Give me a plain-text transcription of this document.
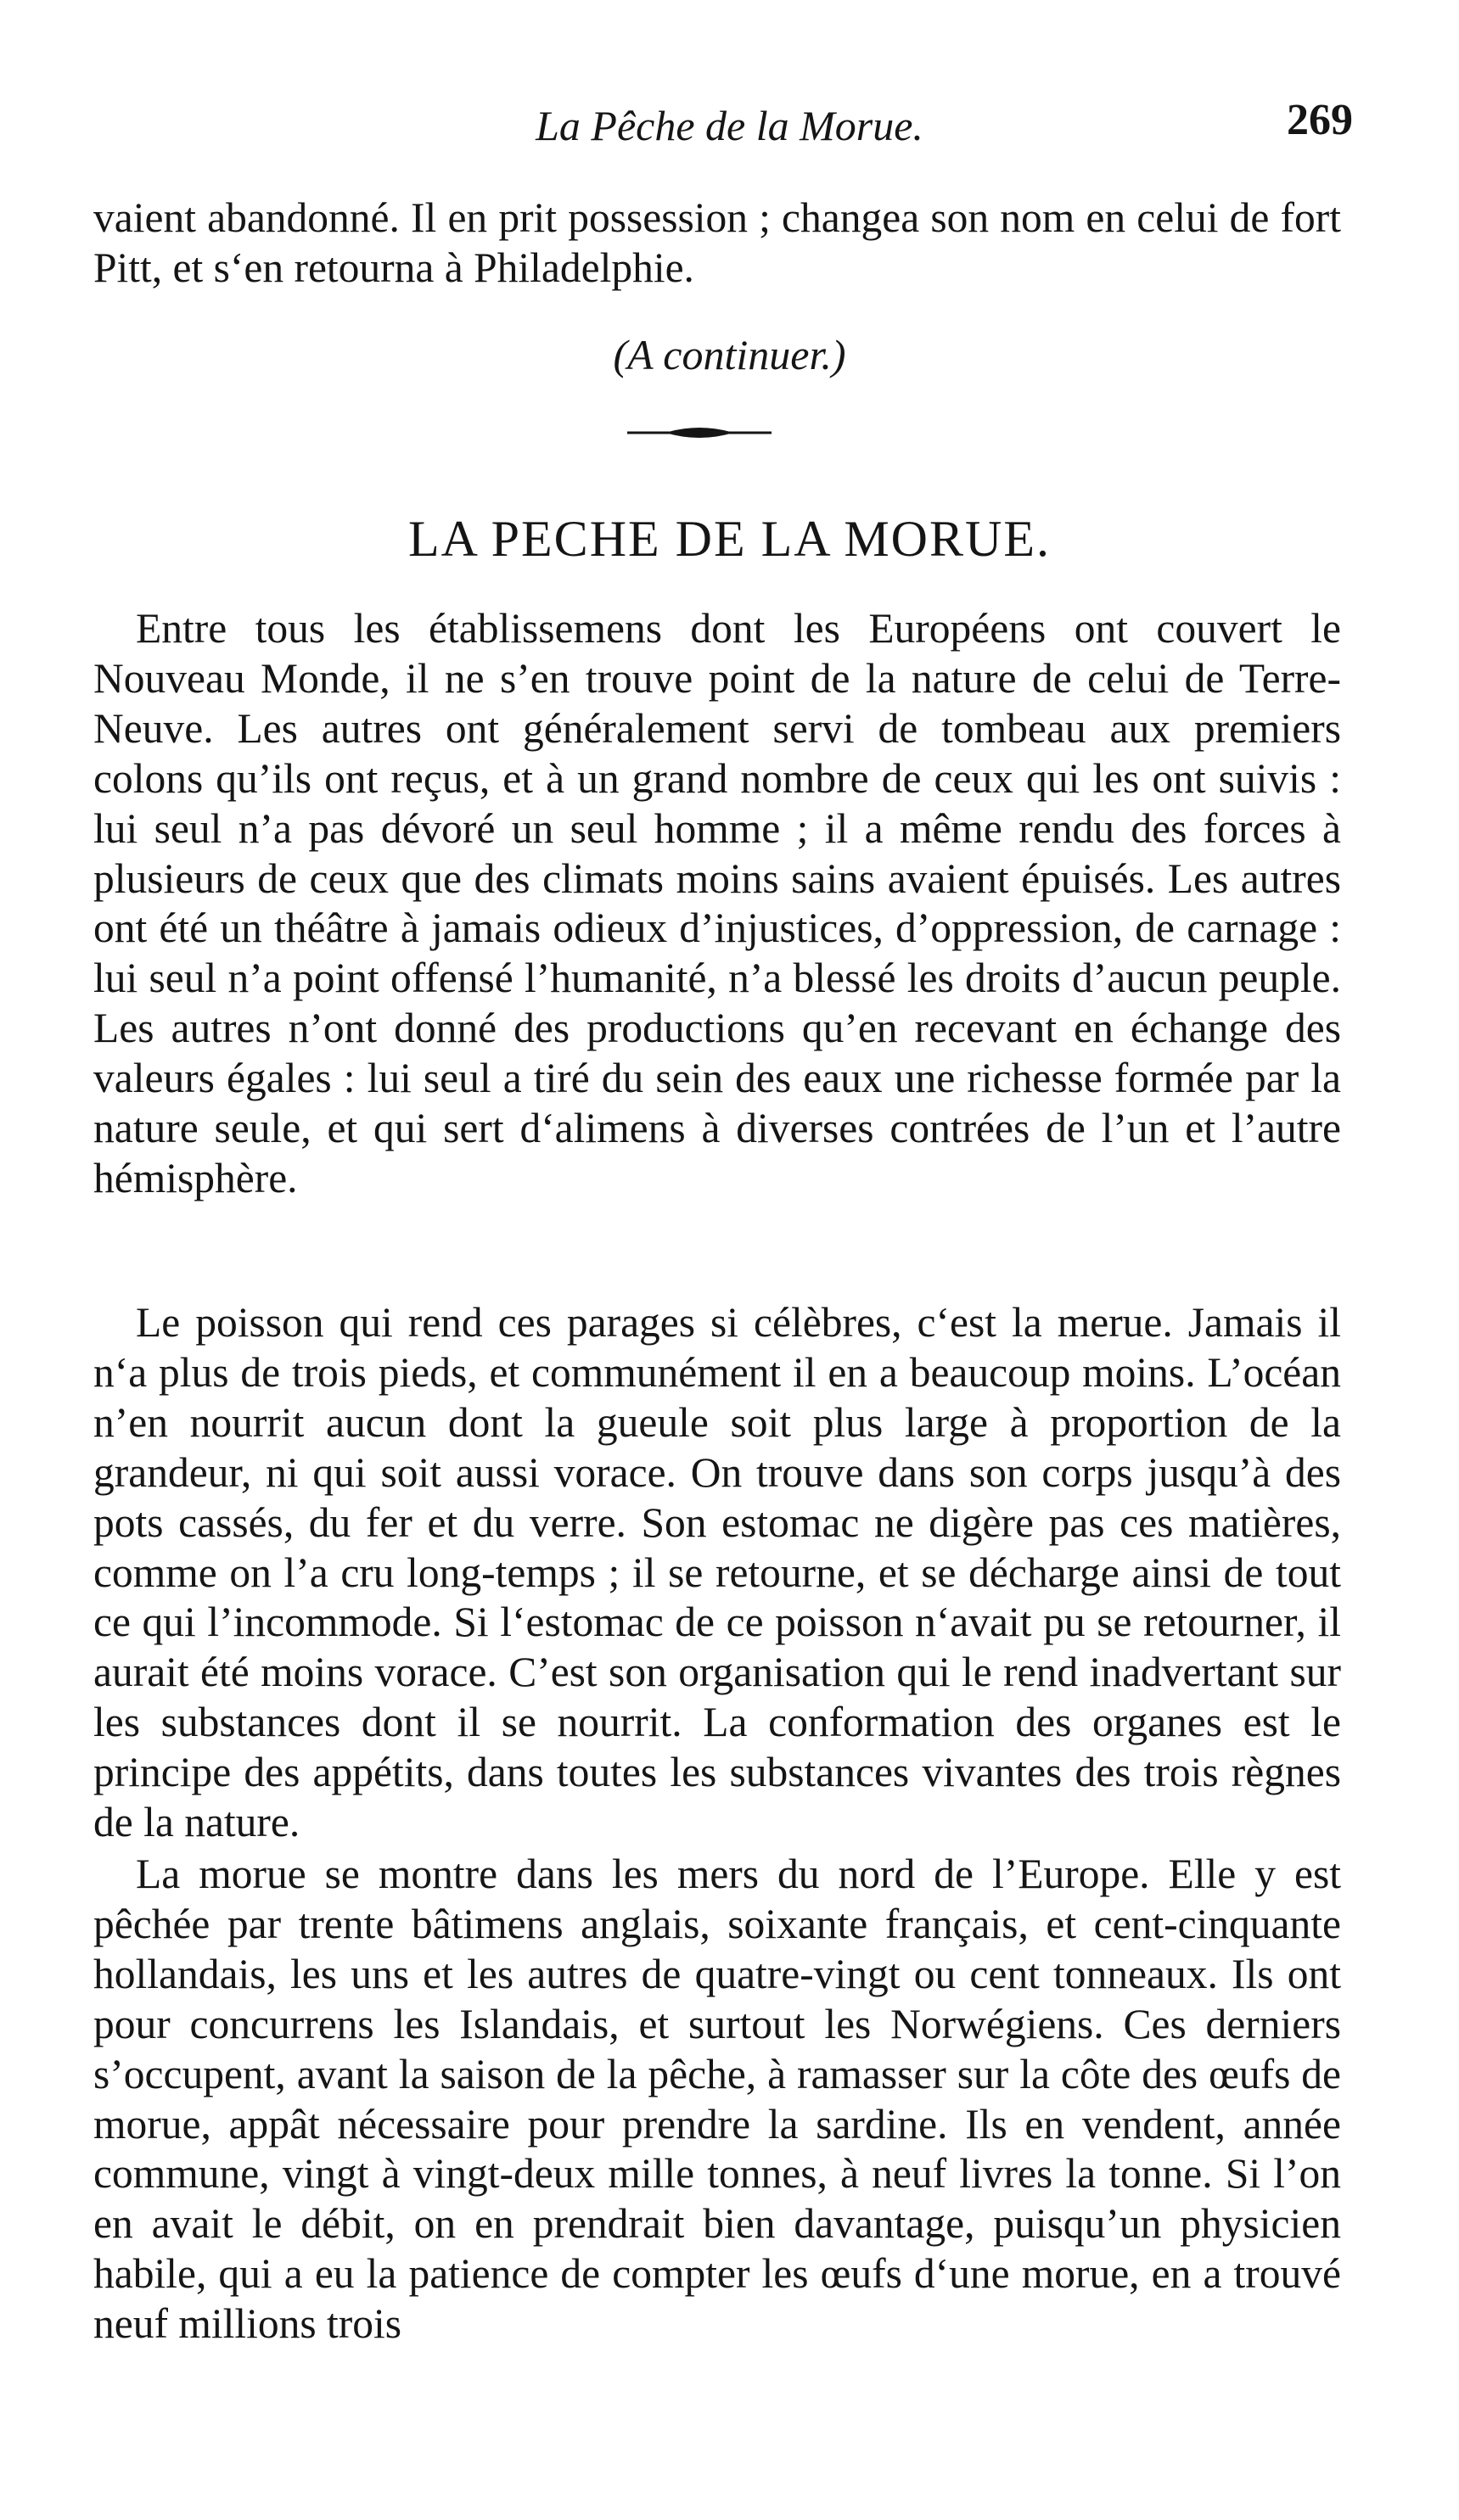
La Pêche de la Morue.	269

vaient abandonné. Il en prit possession ; changea son nom en celui de fort Pitt, et s‘en retourna à Philadelphie.

(A continuer.)
LA PECHE DE LA MORUE.

Entre tous les établissemens dont les Européens ont couvert le Nouveau Monde, il ne s’en trouve point de la nature de celui de Terre-Neuve. Les autres ont généralement servi de tombeau aux premiers colons qu’ils ont reçus, et à un grand nombre de ceux qui les ont suivis : lui seul n’a pas dévoré un seul homme ; il a même rendu des forces à plusieurs de ceux que des climats moins sains avaient épuisés. Les autres ont été un théâtre à jamais odieux d’injustices, d’oppression, de carnage : lui seul n’a point offensé l’humanité, n’a blessé les droits d’aucun peuple. Les autres n’ont donné des productions qu’en recevant en échange des valeurs égales : lui seul a tiré du sein des eaux une richesse formée par la nature seule, et qui sert d‘alimens à diverses contrées de l’un et l’autre hémisphère.

Le poisson qui rend ces parages si célèbres, c‘est la merue. Jamais il n‘a plus de trois pieds, et communément il en a beaucoup moins. L’océan n’en nourrit aucun dont la gueule soit plus large à proportion de la grandeur, ni qui soit aussi vorace. On trouve dans son corps jusqu’à des pots cassés, du fer et du verre. Son estomac ne digère pas ces matières, comme on l’a cru long-temps ; il se retourne, et se décharge ainsi de tout ce qui l’incommode. Si l‘estomac de ce poisson n‘avait pu se retourner, il aurait été moins vorace. C’est son organisation qui le rend inadvertant sur les substances dont il se nourrit. La conformation des organes est le principe des appétits, dans toutes les substances vivantes des trois règnes de la nature.

La morue se montre dans les mers du nord de l’Europe. Elle y est pêchée par trente bâtimens anglais, soixante français, et cent-cinquante hollandais, les uns et les autres de quatre-vingt ou cent tonneaux. Ils ont pour concurrens les Islandais, et surtout les Norwégiens. Ces derniers s’occupent, avant la saison de la pêche, à ramasser sur la côte des œufs de morue, appât nécessaire pour prendre la sardine. Ils en vendent, année commune, vingt à vingt-deux mille tonnes, à neuf livres la tonne. Si l’on en avait le débit, on en prendrait bien davantage, puisqu’un physicien habile, qui a eu la patience de compter les œufs d‘une morue, en a trouvé neuf millions trois
